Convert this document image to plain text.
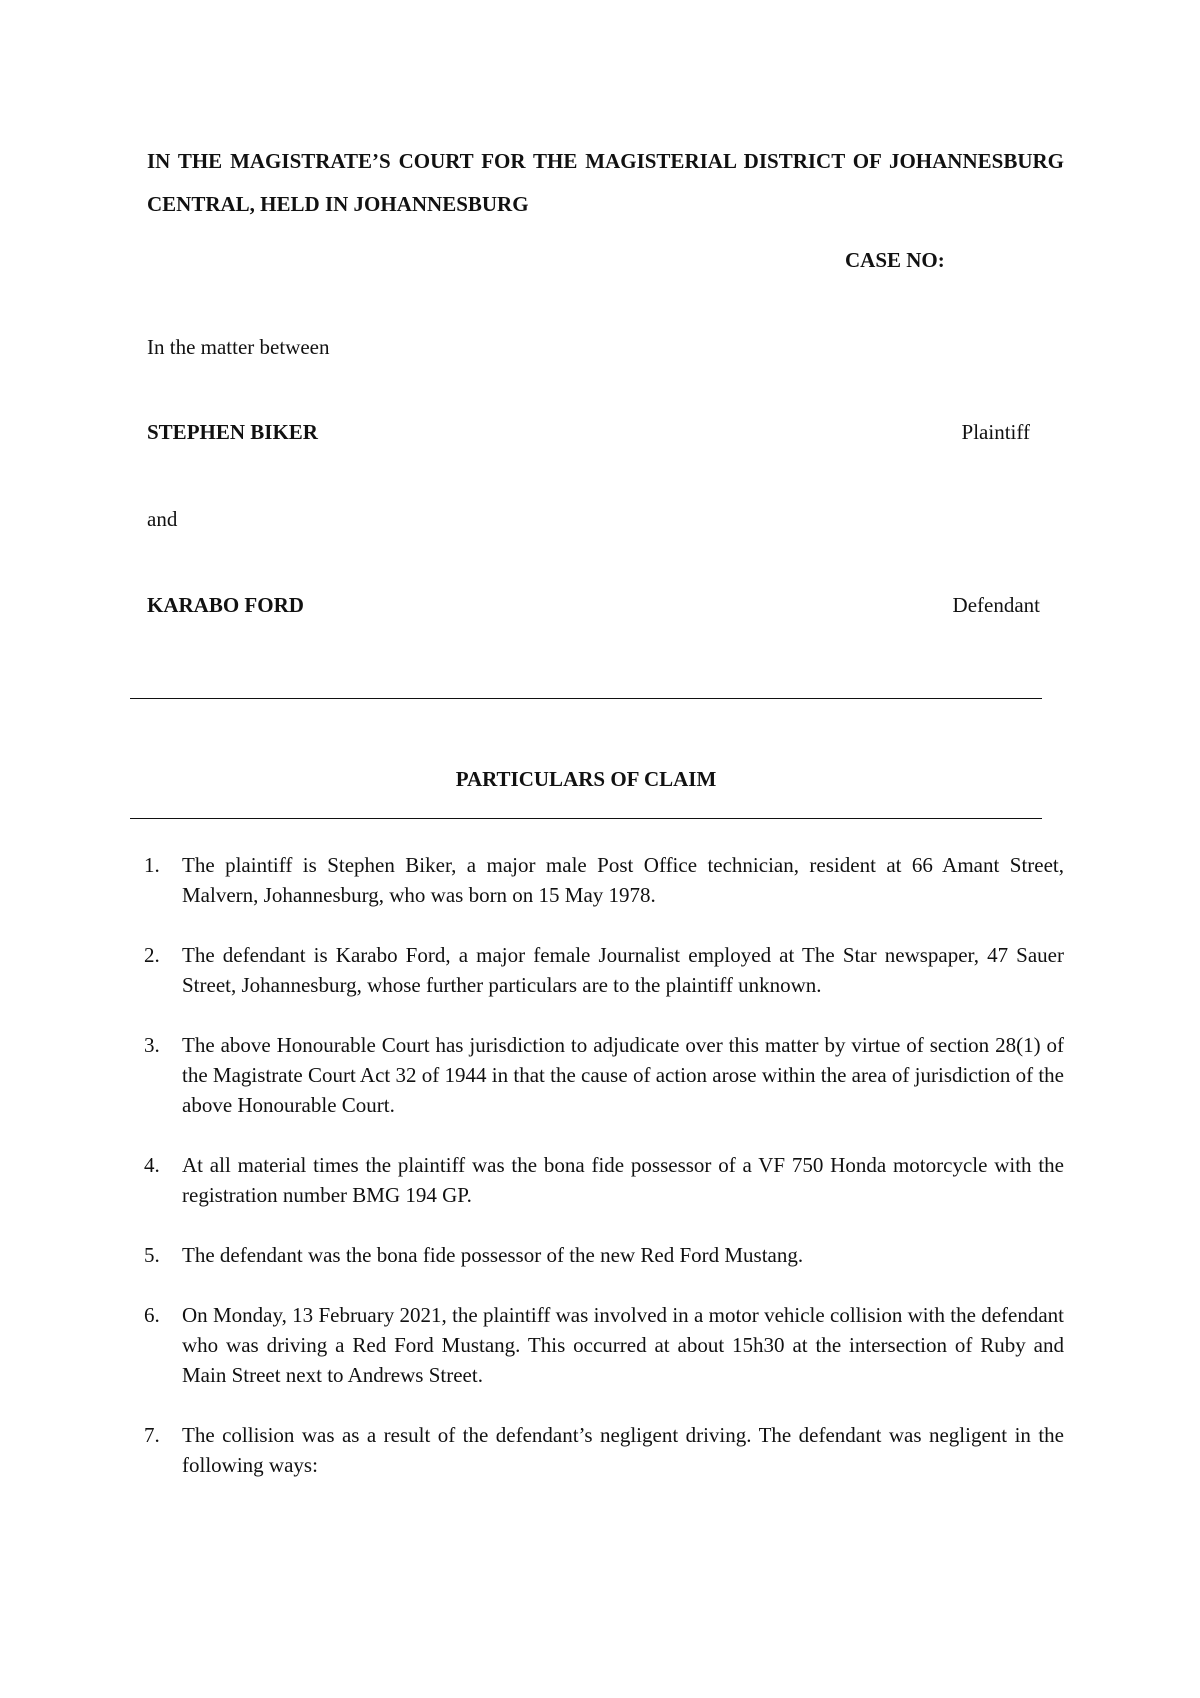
IN THE MAGISTRATE’S COURT FOR THE MAGISTERIAL DISTRICT OF JOHANNESBURG CENTRAL, HELD IN JOHANNESBURG

CASE NO:

In the matter between

STEPHEN BIKER	Plaintiff

and

KARABO FORD	Defendant

PARTICULARS OF CLAIM

1. The plaintiff is Stephen Biker, a major male Post Office technician, resident at 66 Amant Street, Malvern, Johannesburg, who was born on 15 May 1978.
2. The defendant is Karabo Ford, a major female Journalist employed at The Star newspaper, 47 Sauer Street, Johannesburg, whose further particulars are to the plaintiff unknown.
3. The above Honourable Court has jurisdiction to adjudicate over this matter by virtue of section 28(1) of the Magistrate Court Act 32 of 1944 in that the cause of action arose within the area of jurisdiction of the above Honourable Court.
4. At all material times the plaintiff was the bona fide possessor of a VF 750 Honda motorcycle with the registration number BMG 194 GP.
5. The defendant was the bona fide possessor of the new Red Ford Mustang.
6. On Monday, 13 February 2021, the plaintiff was involved in a motor vehicle collision with the defendant who was driving a Red Ford Mustang. This occurred at about 15h30 at the intersection of Ruby and Main Street next to Andrews Street.
7. The collision was as a result of the defendant’s negligent driving. The defendant was negligent in the following ways:
